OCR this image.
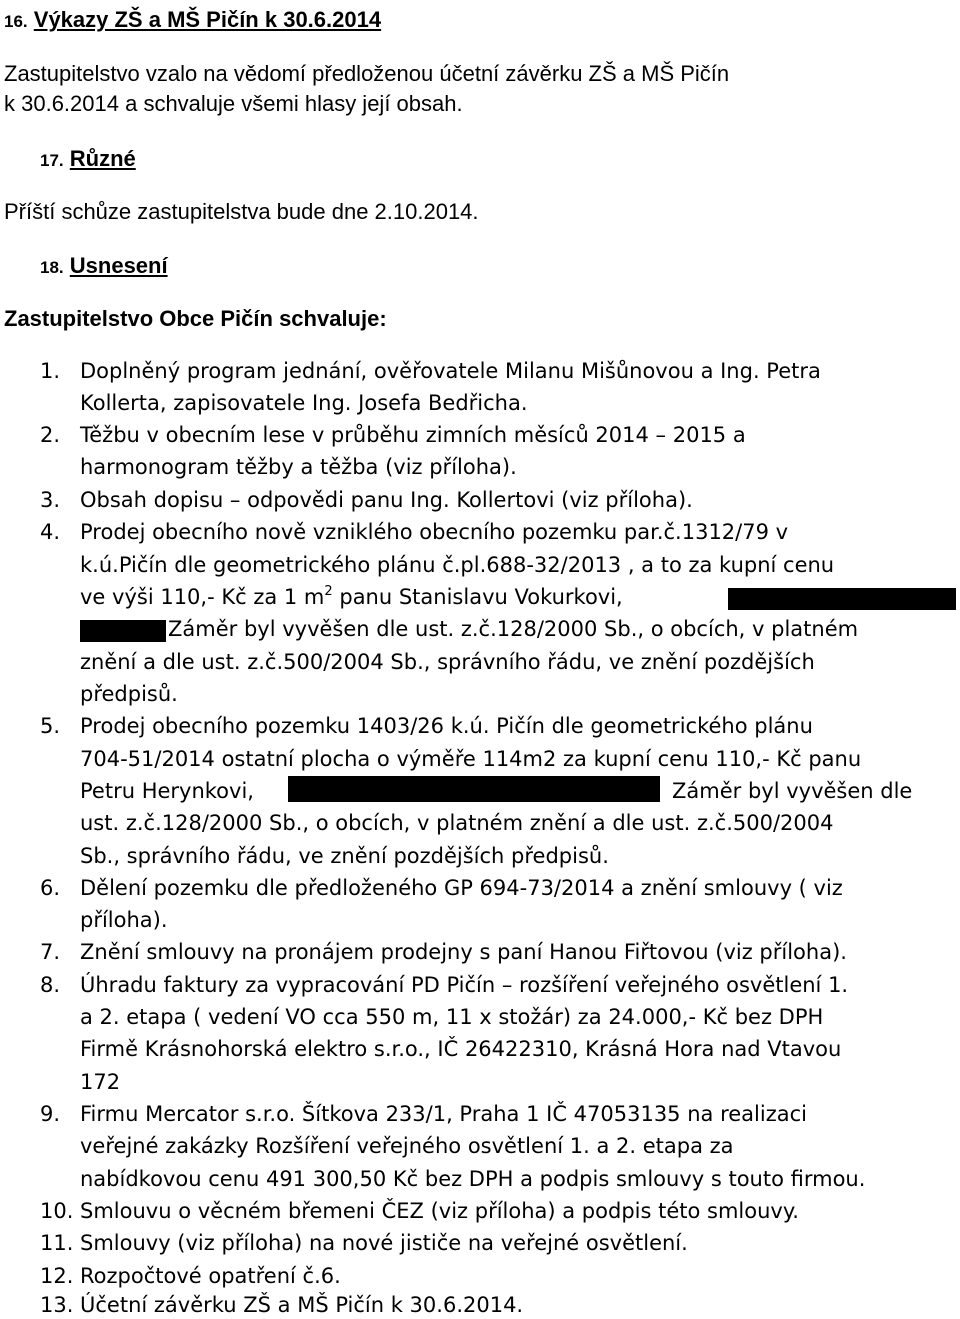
16. Výkazy ZŠ a MŠ Pičín k 30.6.2014
Zastupitelstvo vzalo na vědomí předloženou účetní závěrku ZŠ a MŠ Pičín
k 30.6.2014 a schvaluje všemi hlasy její obsah.
17. Různé
Příští schůze zastupitelstva bude dne 2.10.2014.
18. Usnesení
Zastupitelstvo Obce Pičín schvaluje:
1. Doplněný program jednání, ověřovatele Milanu Mišůnovou a Ing. Petra
Kollerta, zapisovatele Ing. Josefa Bedřicha.
2. Těžbu v obecním lese v průběhu zimních měsíců 2014 – 2015 a
harmonogram těžby a těžba (viz příloha).
3. Obsah dopisu – odpovědi panu Ing. Kollertovi (viz příloha).
4. Prodej obecního nově vzniklého obecního pozemku par.č.1312/79 v
k.ú.Pičín dle geometrického plánu č.pl.688-32/2013 , a to za kupní cenu
ve výši 110,- Kč za 1 $m^2$ panu Stanislavu Vokurkovi,
Záměr byl vyvěšen dle ust. z.č.128/2000 Sb., o obcích, v platném
znění a dle ust. z.č.500/2004 Sb., správního řádu, ve znění pozdějších
předpisů.
5. Prodej obecního pozemku 1403/26 k.ú. Pičín dle geometrického plánu
704-51/2014 ostatní plocha o výměře 114m2 za kupní cenu 110,- Kč panu
Petru Herynkovi,	Záměr byl vyvěšen dle
ust. z.č.128/2000 Sb., o obcích, v platném znění a dle ust. z.č.500/2004
Sb., správního řádu, ve znění pozdějších předpisů.
6. Dělení pozemku dle předloženého GP 694-73/2014 a znění smlouvy ( viz
příloha).
7. Znění smlouvy na pronájem prodejny s paní Hanou Fiřtovou (viz příloha).
8. Úhradu faktury za vypracování PD Pičín – rozšíření veřejného osvětlení 1.
a 2. etapa ( vedení VO cca 550 m, 11 x stožár) za 24.000,- Kč bez DPH
Firmě Krásnohorská elektro s.r.o., IČ 26422310, Krásná Hora nad Vtavou
172
9. Firmu Mercator s.r.o. Šítkova 233/1, Praha 1 IČ 47053135 na realizaci
veřejné zakázky Rozšíření veřejného osvětlení 1. a 2. etapa za
nabídkovou cenu 491 300,50 Kč bez DPH a podpis smlouvy s touto firmou.
10. Smlouvu o věcném břemeni ČEZ (viz příloha) a podpis této smlouvy.
11. Smlouvy (viz příloha) na nové jističe na veřejné osvětlení.
12. Rozpočtové opatření č.6.
13. Účetní závěrku ZŠ a MŠ Pičín k 30.6.2014.
